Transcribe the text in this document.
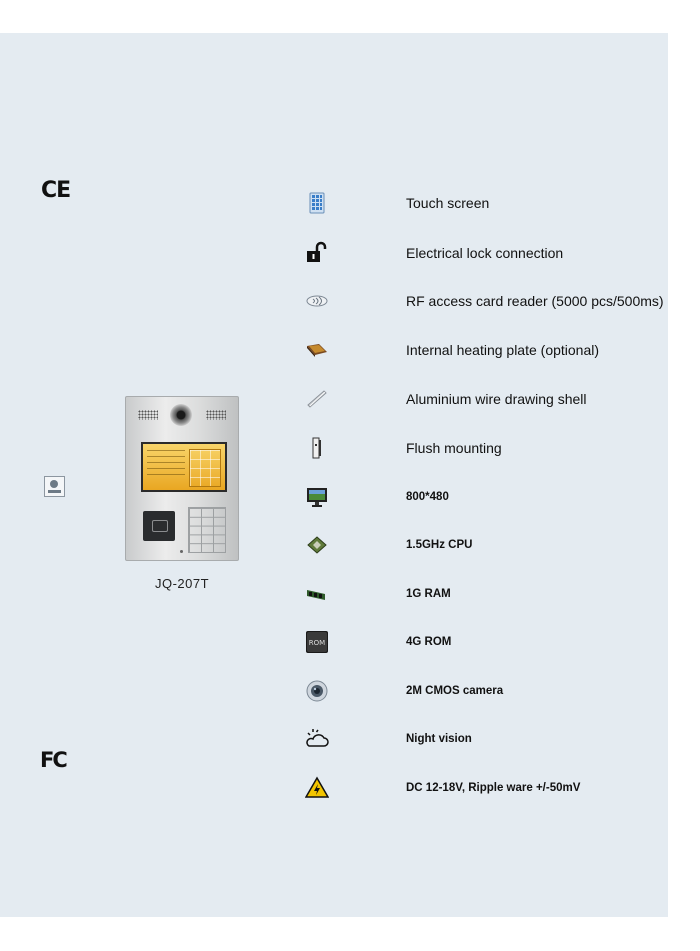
CE
FC
JQ-207T
Touch screen
Electrical lock connection
RF access card reader (5000 pcs/500ms)
Internal heating plate (optional)
Aluminium wire drawing shell
Flush mounting
800*480
1.5GHz CPU
1G RAM
ROM	4G ROM
2M CMOS camera
Night vision
DC 12-18V, Ripple ware +/-50mV
